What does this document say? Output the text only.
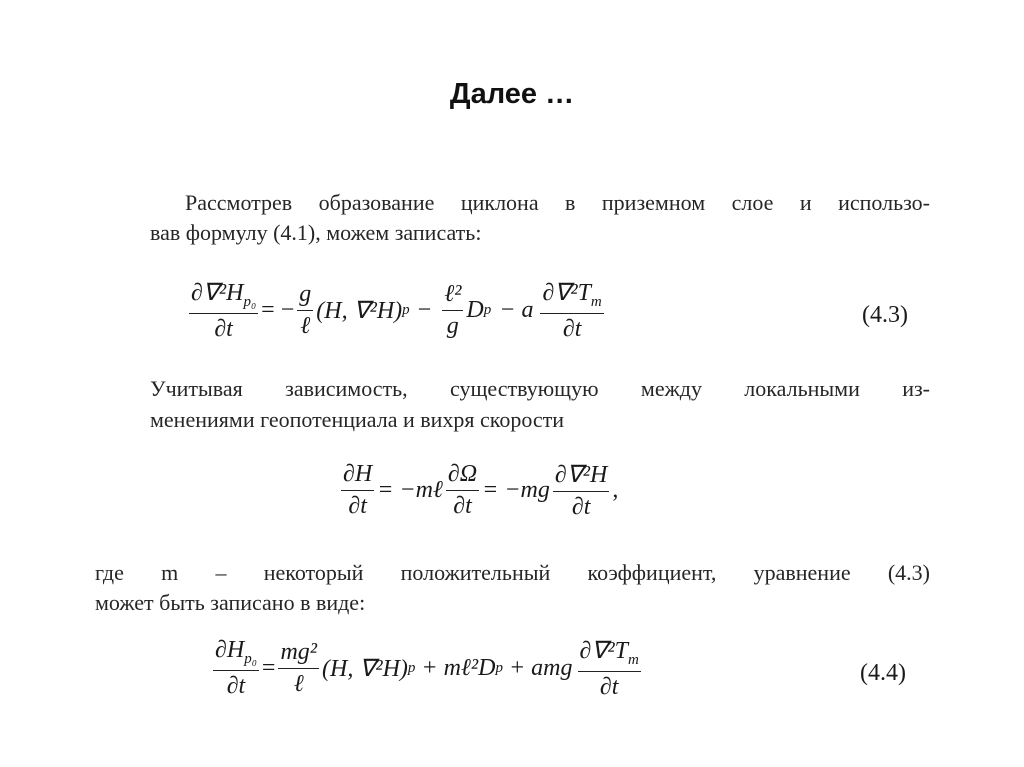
Далее …
Рассмотрев образование циклона в приземном слое и использо-
вав формулу (4.1), можем записать:
$\frac{\partial\nabla^2H_{p_0}}{\partial t}$ = − $\frac{g}{\text{ℓ}} (H$, ∇²H) $p - \frac{\text{ℓ²}}{g}$ D p − a $\frac{\partial\nabla^2T_m}{\partial t}$	(4.3)
Учитывая зависимость, существующую между локальными из-
менениями геопотенциала и вихря скорости
$\frac{\partial H}{\partial t}$ = −mℓ $\frac{\partial\Omega}{\partial t} = -mg \frac{\text{∂∇²H}}{\partial t}$ ,
где m – некоторый положительный коэффициент, уравнение (4.3)
может быть записано в виде:
$\frac{\partial H_{p_0}}{\partial t} = \frac{\text{mg²}}{\text{ℓ}} (H$, ∇²H) p + mℓ²D p + amg $\frac{\partial\nabla^2T_m}{\partial t}$	(4.4)
